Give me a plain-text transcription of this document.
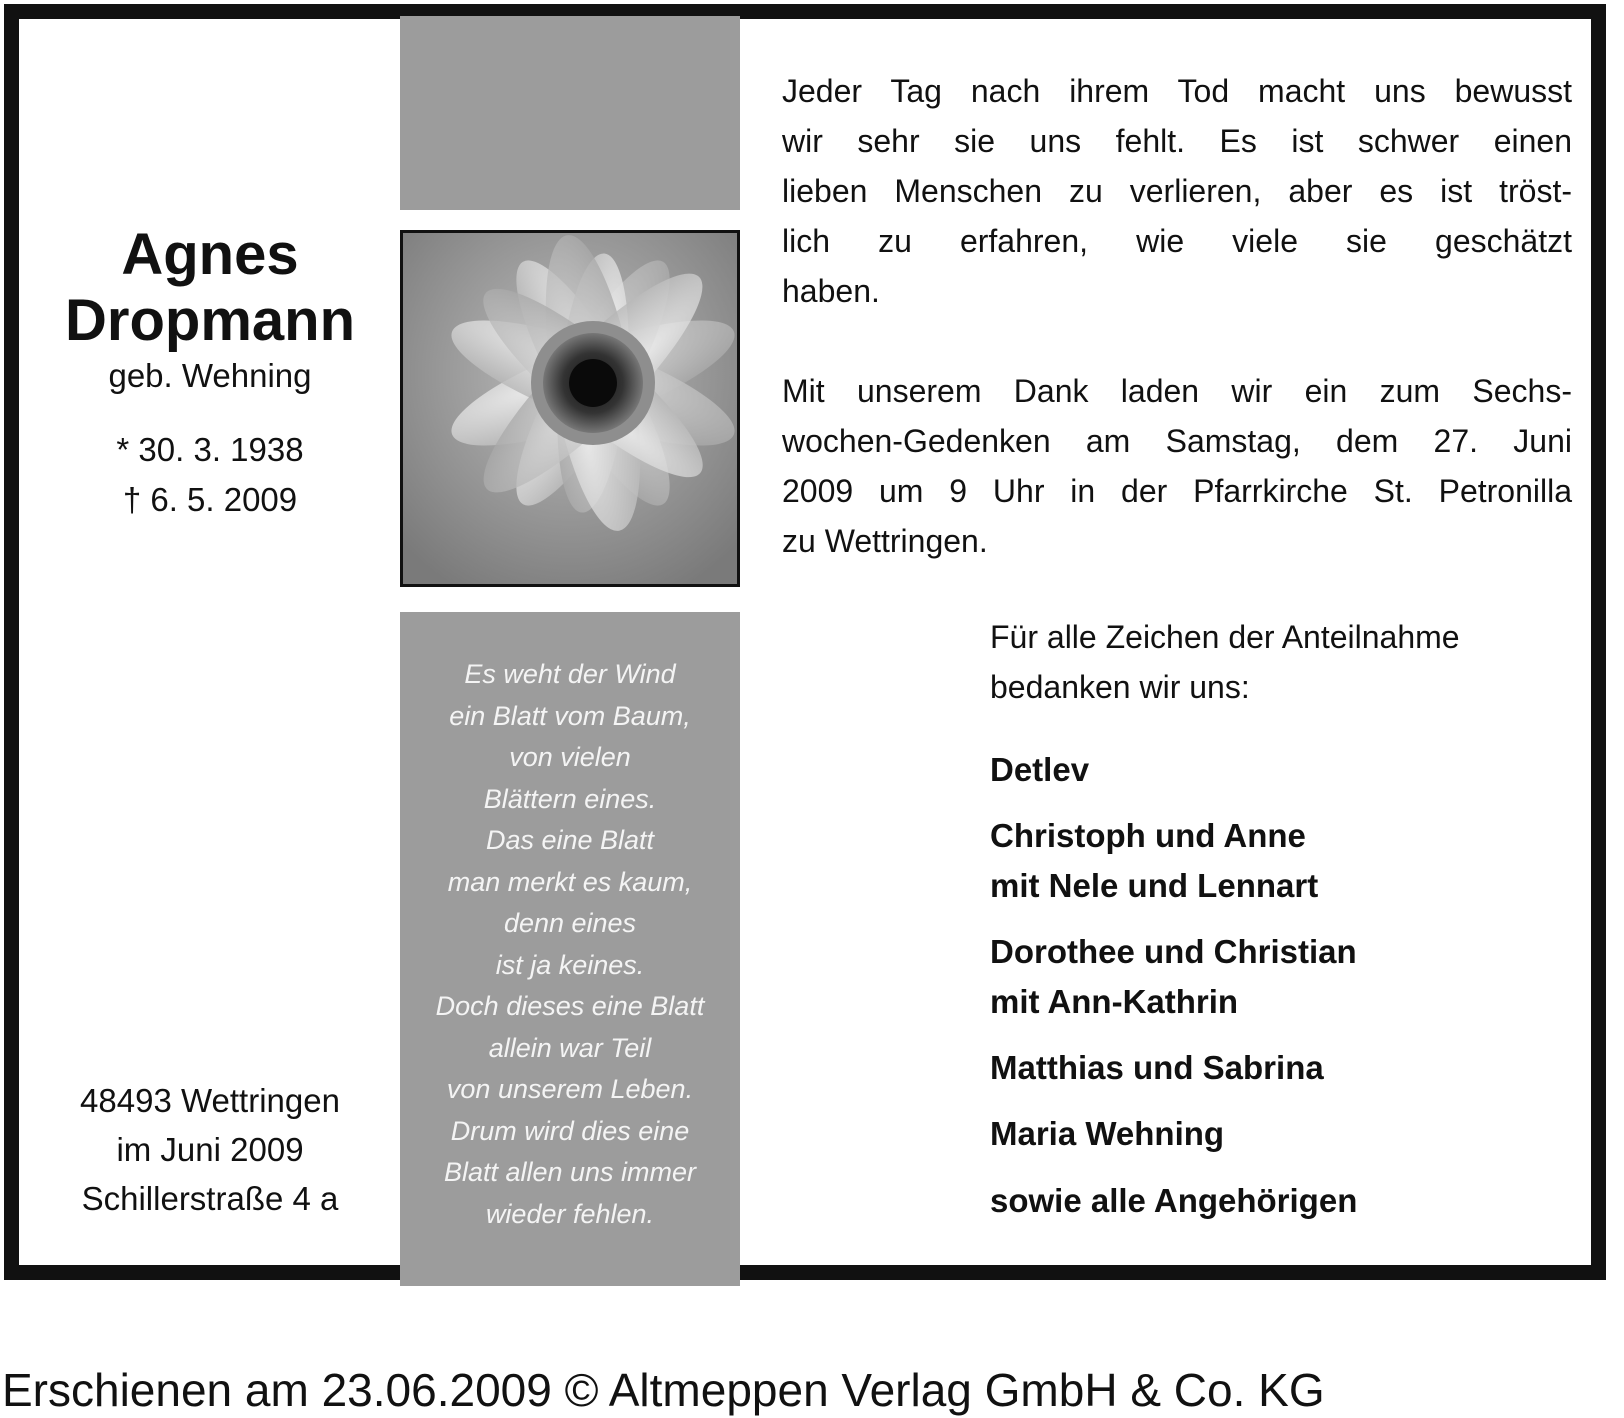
Es weht der Wind
ein Blatt vom Baum,
von vielen
Blättern eines.
Das eine Blatt
man merkt es kaum,
denn eines
ist ja keines.
Doch dieses eine Blatt
allein war Teil
von unserem Leben.
Drum wird dies eine
Blatt allen uns immer
wieder fehlen.
Agnes
Dropmann
geb. Wehning
* 30. 3. 1938
† 6. 5. 2009
48493 Wettringen
im Juni 2009
Schillerstraße 4 a
Jeder Tag nach ihrem Tod macht uns bewusst
wir sehr sie uns fehlt. Es ist schwer einen
lieben Menschen zu verlieren, aber es ist tröst-
lich zu erfahren, wie viele sie geschätzt
haben.
Mit unserem Dank laden wir ein zum Sechs-
wochen-Gedenken am Samstag, dem 27. Juni
2009 um 9 Uhr in der Pfarrkirche St. Petronilla
zu Wettringen.
Für alle Zeichen der Anteilnahme
bedanken wir uns:
Detlev
Christoph und Anne
mit Nele und Lennart
Dorothee und Christian
mit Ann-Kathrin
Matthias und Sabrina
Maria Wehning
sowie alle Angehörigen
Erschienen am 23.06.2009 © Altmeppen Verlag GmbH & Co. KG
